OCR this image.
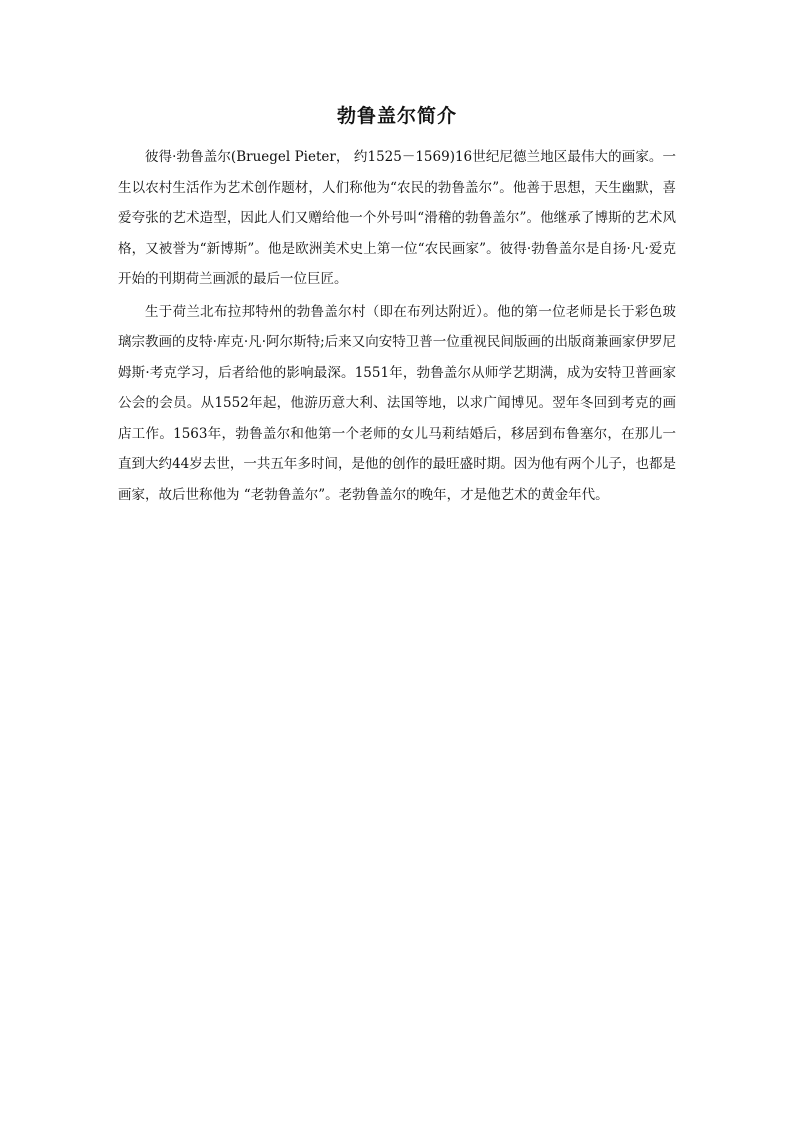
勃鲁盖尔简介

彼得·勃鲁盖尔(Bruegel Pieter， 约1525－1569)16世纪尼德兰地区最伟大的画家。一生以农村生活作为艺术创作题材，人们称他为“农民的勃鲁盖尔”。他善于思想，天生幽默，喜爱夸张的艺术造型，因此人们又赠给他一个外号叫“滑稽的勃鲁盖尔”。他继承了博斯的艺术风格，又被誉为“新博斯”。他是欧洲美术史上第一位“农民画家”。彼得·勃鲁盖尔是自扬·凡·爱克开始的刊期荷兰画派的最后一位巨匠。

生于荷兰北布拉邦特州的勃鲁盖尔村（即在布列达附近）。他的第一位老师是长于彩色玻璃宗教画的皮特·库克·凡·阿尔斯特;后来又向安特卫普一位重视民间版画的出版商兼画家伊罗尼姆斯·考克学习，后者给他的影响最深。1551年，勃鲁盖尔从师学艺期满，成为安特卫普画家公会的会员。从1552年起，他游历意大利、法国等地，以求广闻博见。翌年冬回到考克的画店工作。1563年，勃鲁盖尔和他第一个老师的女儿马莉结婚后，移居到布鲁塞尔，在那儿一直到大约44岁去世，一共五年多时间，是他的创作的最旺盛时期。因为他有两个儿子，也都是画家，故后世称他为 “老勃鲁盖尔”。老勃鲁盖尔的晚年，才是他艺术的黄金年代。
